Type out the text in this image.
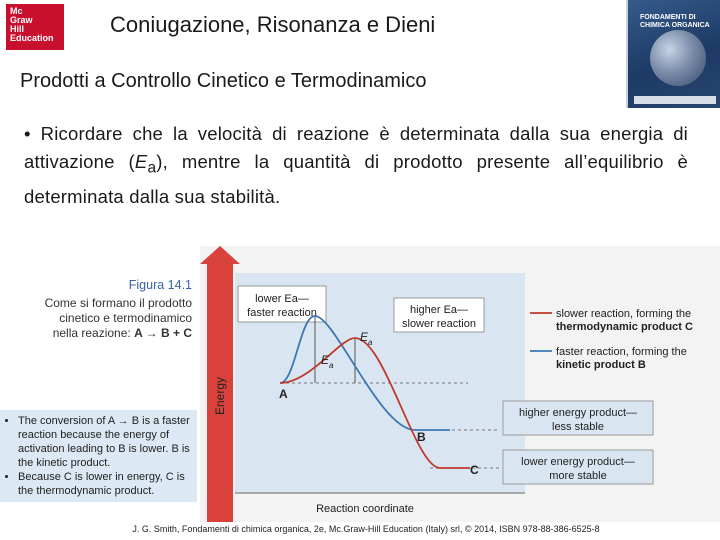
Mc
Graw
Hill
Education
Coniugazione, Risonanza e Dieni	FONDAMENTI DI CHIMICA ORGANICA
Prodotti a Controllo Cinetico e Termodinamico
• Ricordare che la velocità di reazione è determinata dalla sua energia di attivazione $(E_a)$, mentre la quantità di prodotto presente all’equilibrio è determinata dalla sua stabilità.
Figura 14.1
Come si formano il prodotto
cinetico e termodinamico
nella reazione: A → B + C
• The conversion of A → B is a faster reaction because the energy of activation leading to B is lower. B is the kinetic product.
• Because C is lower in energy, C is the thermodynamic product.
Energy
Reaction coordinate
lower Ea—
faster reaction	higher Ea—
slower reaction
$E_a$
$E_a$
A
B
C
slower reaction, forming the
thermodynamic product C
faster reaction, forming the
kinetic product B
higher energy product—
less stable
lower energy product—
more stable
J. G. Smith, Fondamenti di chimica organica, 2e, Mc.Graw-Hill Education (Italy) srl, © 2014, ISBN 978-88-386-6525-8
